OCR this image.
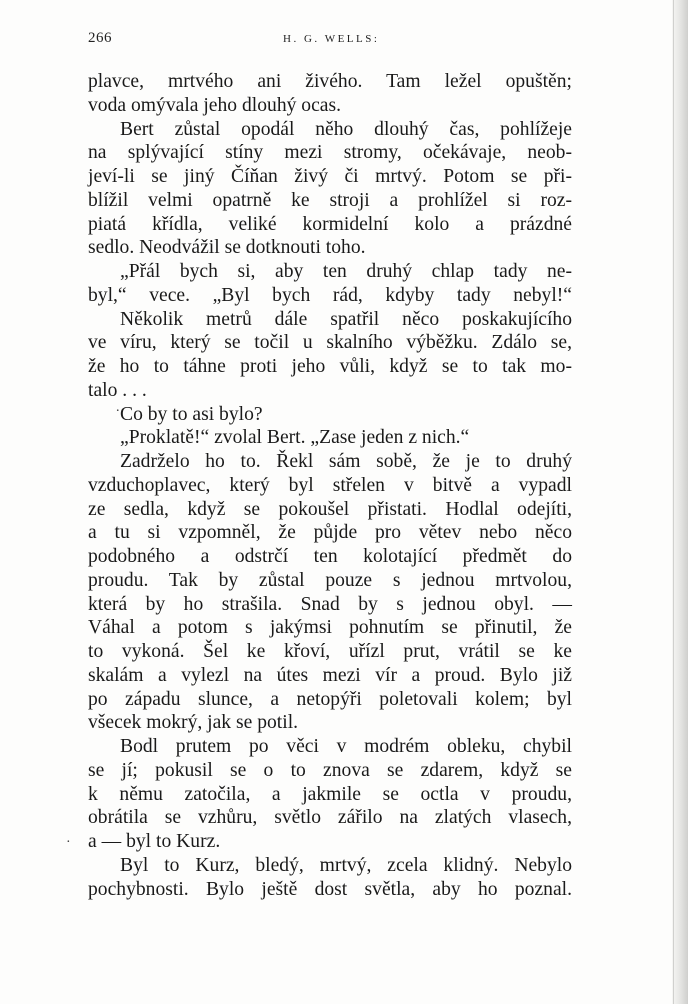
266	H. G. WELLS:
.
·
plavce, mrtvého ani živého. Tam ležel opuštěn;
voda omývala jeho dlouhý ocas.
Bert zůstal opodál něho dlouhý čas, pohlížeje
na splývající stíny mezi stromy, očekávaje, neob-
jeví-li se jiný Číňan živý či mrtvý. Potom se při-
blížil velmi opatrně ke stroji a prohlížel si roz-
piatá křídla, veliké kormidelní kolo a prázdné
sedlo. Neodvážil se dotknouti toho.
„Přál bych si, aby ten druhý chlap tady ne-
byl,“ vece. „Byl bych rád, kdyby tady nebyl!“
Několik metrů dále spatřil něco poskakujícího
ve víru, který se točil u skalního výběžku. Zdálo se,
že ho to táhne proti jeho vůli, když se to tak mo-
talo . . .
Co by to asi bylo?
„Proklatě!“ zvolal Bert. „Zase jeden z nich.“
Zadrželo ho to. Řekl sám sobě, že je to druhý
vzduchoplavec, který byl střelen v bitvě a vypadl
ze sedla, když se pokoušel přistati. Hodlal odejíti,
a tu si vzpomněl, že půjde pro větev nebo něco
podobného a odstrčí ten kolotající předmět do
proudu. Tak by zůstal pouze s jednou mrtvolou,
která by ho strašila. Snad by s jednou obyl. —
Váhal a potom s jakýmsi pohnutím se přinutil, že
to vykoná. Šel ke křoví, uřízl prut, vrátil se ke
skalám a vylezl na útes mezi vír a proud. Bylo již
po západu slunce, a netopýři poletovali kolem; byl
všecek mokrý, jak se potil.
Bodl prutem po věci v modrém obleku, chybil
se jí; pokusil se o to znova se zdarem, když se
k němu zatočila, a jakmile se octla v proudu,
obrátila se vzhůru, světlo zářilo na zlatých vlasech,
a — byl to Kurz.
Byl to Kurz, bledý, mrtvý, zcela klidný. Nebylo
pochybnosti. Bylo ještě dost světla, aby ho poznal.
